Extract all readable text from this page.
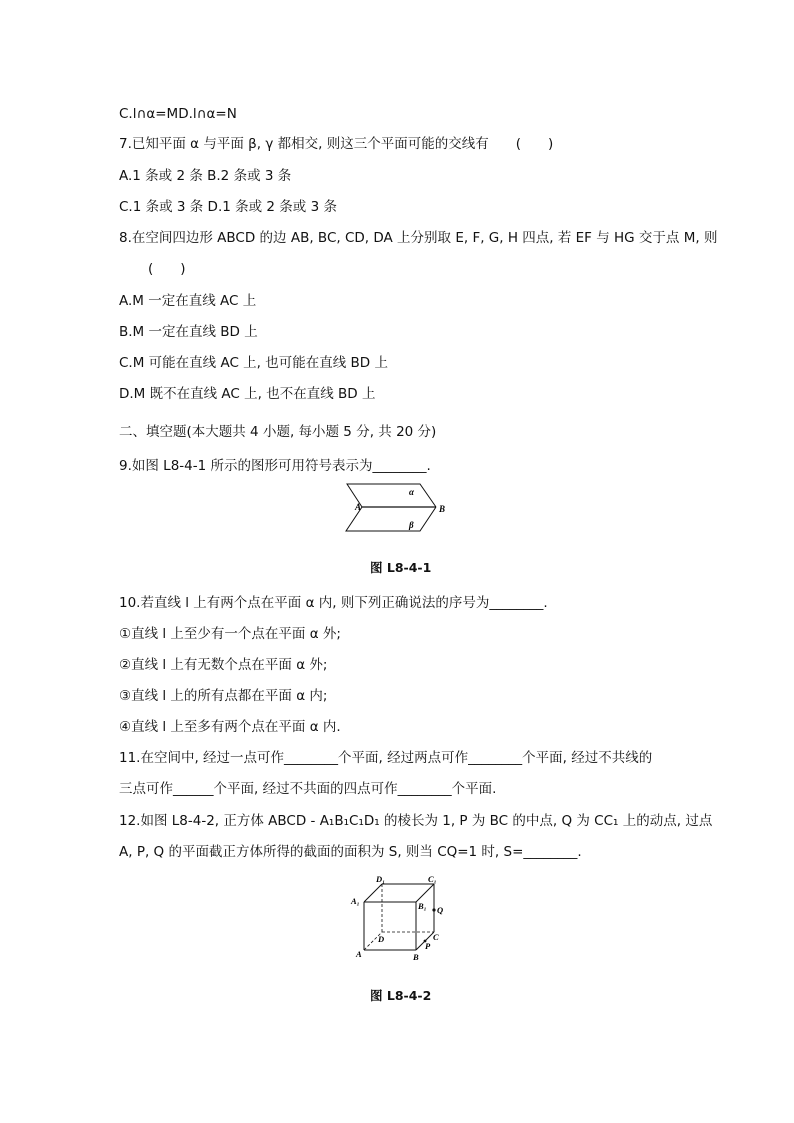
C.l∩α=MD.l∩α=N
7.已知平面 α 与平面 β, γ 都相交, 则这三个平面可能的交线有　　(　　)
A.1 条或 2 条 B.2 条或 3 条
C.1 条或 3 条 D.1 条或 2 条或 3 条
8.在空间四边形 ABCD 的边 AB, BC, CD, DA 上分别取 E, F, G, H 四点, 若 EF 与 HG 交于点 M, 则
(　　)
A.M 一定在直线 AC 上
B.M 一定在直线 BD 上
C.M 可能在直线 AC 上, 也可能在直线 BD 上
D.M 既不在直线 AC 上, 也不在直线 BD 上
二、填空题(本大题共 4 小题, 每小题 5 分, 共 20 分)
9.如图 L8-4-1 所示的图形可用符号表示为________.
α
β
A	B
图 L8-4-1
10.若直线 l 上有两个点在平面 α 内, 则下列正确说法的序号为________.
①直线 l 上至少有一个点在平面 α 外;
②直线 l 上有无数个点在平面 α 外;
③直线 l 上的所有点都在平面 α 内;
④直线 l 上至多有两个点在平面 α 内.
11.在空间中, 经过一点可作________个平面, 经过两点可作________个平面, 经过不共线的
三点可作______个平面, 经过不共面的四点可作________个平面.
12.如图 L8-4-2, 正方体 ABCD - A₁B₁C₁D₁ 的棱长为 1, P 为 BC 的中点, Q 为 CC₁ 上的动点, 过点
A, P, Q 的平面截正方体所得的截面的面积为 S, 则当 CQ=1 时, S=________.
D₁	C₁
A₁	B₁ Q
D	C
P
A	B
图 L8-4-2
